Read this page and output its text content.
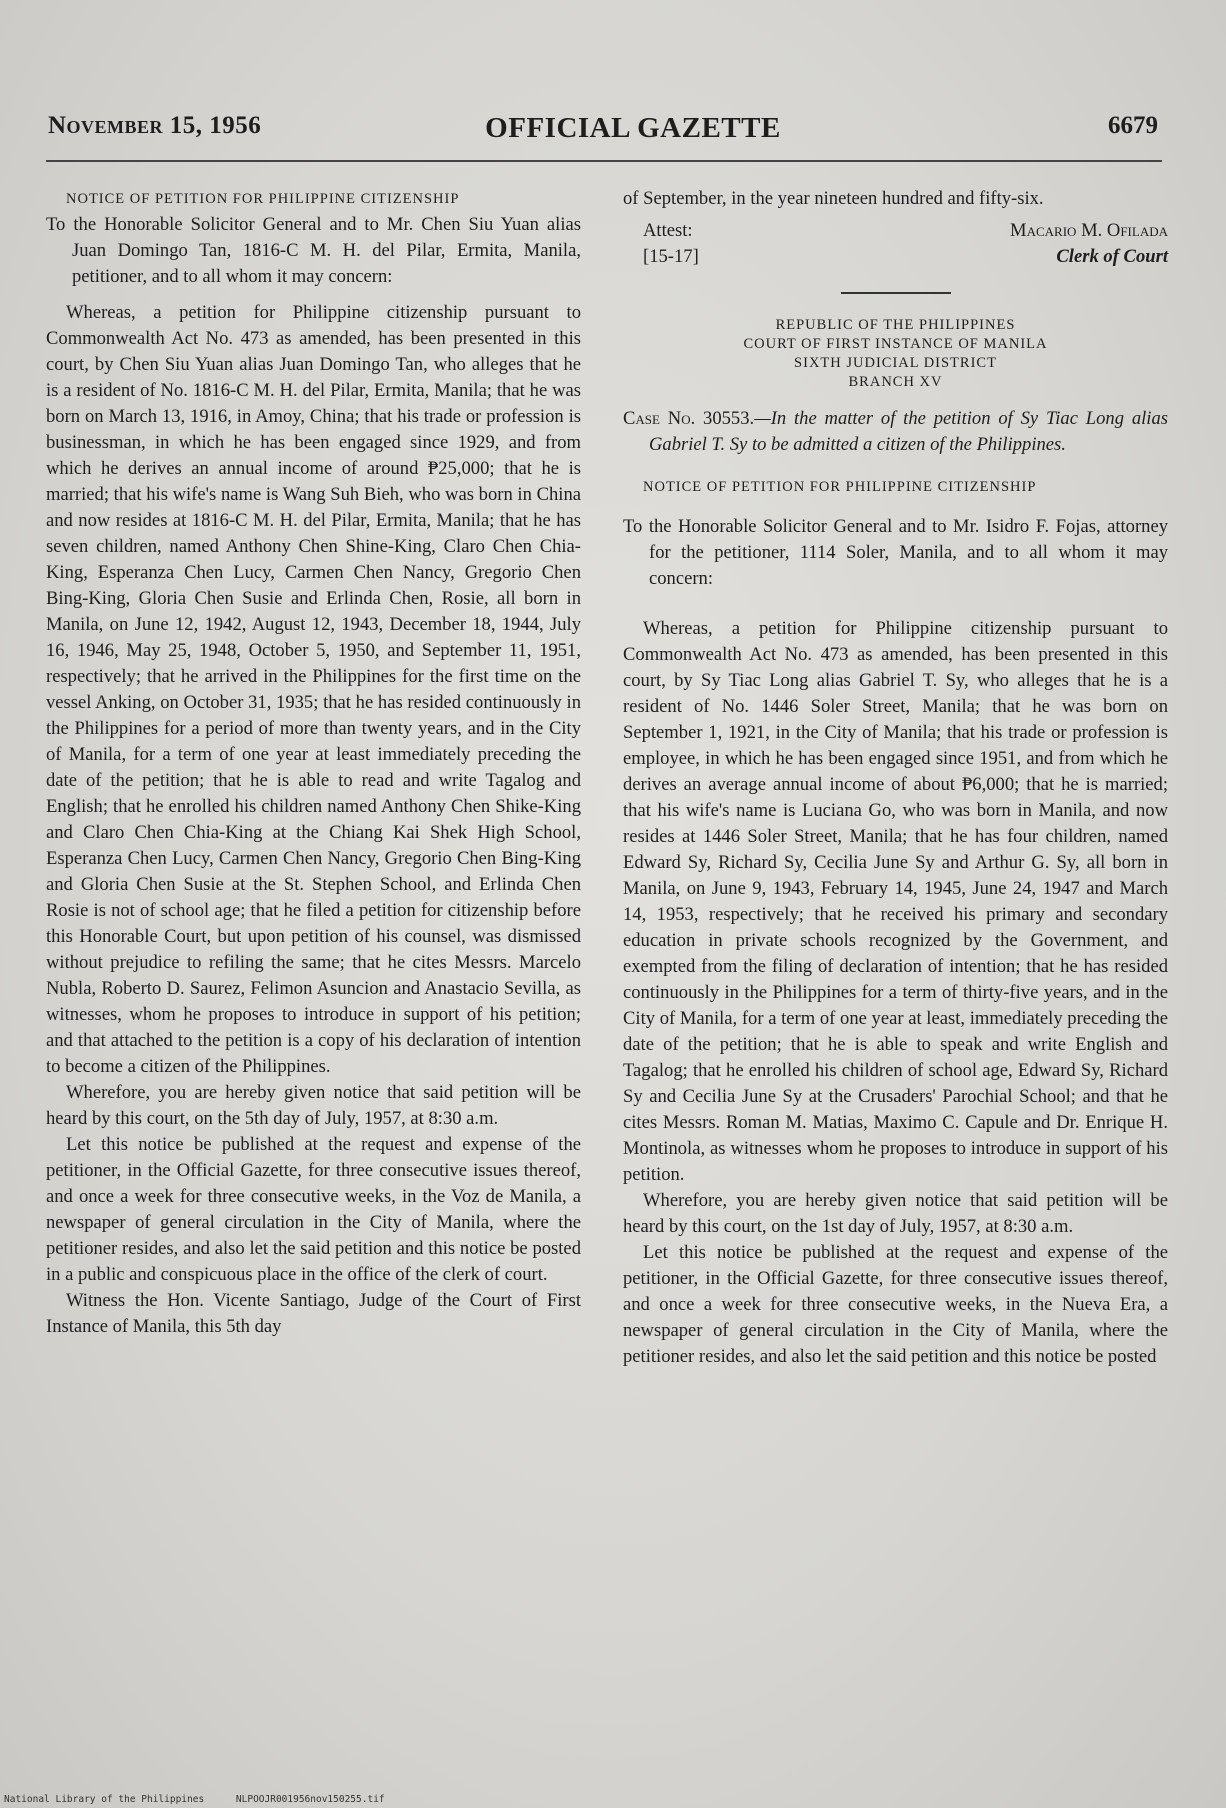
November 15, 1956	OFFICIAL GAZETTE	6679

NOTICE OF PETITION FOR PHILIPPINE CITIZENSHIP

To the Honorable Solicitor General and to Mr. Chen Siu Yuan alias Juan Domingo Tan, 1816-C M. H. del Pilar, Ermita, Manila, petitioner, and to all whom it may concern:

Whereas, a petition for Philippine citizenship pursuant to Commonwealth Act No. 473 as amended, has been presented in this court, by Chen Siu Yuan alias Juan Domingo Tan, who alleges that he is a resident of No. 1816-C M. H. del Pilar, Ermita, Manila; that he was born on March 13, 1916, in Amoy, China; that his trade or profession is businessman, in which he has been engaged since 1929, and from which he derives an annual income of around ₱25,000; that he is married; that his wife's name is Wang Suh Bieh, who was born in China and now resides at 1816-C M. H. del Pilar, Ermita, Manila; that he has seven children, named Anthony Chen Shine-King, Claro Chen Chia-King, Esperanza Chen Lucy, Carmen Chen Nancy, Gregorio Chen Bing-King, Gloria Chen Susie and Erlinda Chen, Rosie, all born in Manila, on June 12, 1942, August 12, 1943, December 18, 1944, July 16, 1946, May 25, 1948, October 5, 1950, and September 11, 1951, respectively; that he arrived in the Philippines for the first time on the vessel Anking, on October 31, 1935; that he has resided continuously in the Philippines for a period of more than twenty years, and in the City of Manila, for a term of one year at least immediately preceding the date of the petition; that he is able to read and write Tagalog and English; that he enrolled his children named Anthony Chen Shike-King and Claro Chen Chia-King at the Chiang Kai Shek High School, Esperanza Chen Lucy, Carmen Chen Nancy, Gregorio Chen Bing-King and Gloria Chen Susie at the St. Stephen School, and Erlinda Chen Rosie is not of school age; that he filed a petition for citizenship before this Honorable Court, but upon petition of his counsel, was dismissed without prejudice to refiling the same; that he cites Messrs. Marcelo Nubla, Roberto D. Saurez, Felimon Asuncion and Anastacio Sevilla, as witnesses, whom he proposes to introduce in support of his petition; and that attached to the petition is a copy of his declaration of intention to become a citizen of the Philippines.

Wherefore, you are hereby given notice that said petition will be heard by this court, on the 5th day of July, 1957, at 8:30 a.m.

Let this notice be published at the request and expense of the petitioner, in the Official Gazette, for three consecutive issues thereof, and once a week for three consecutive weeks, in the Voz de Manila, a newspaper of general circulation in the City of Manila, where the petitioner resides, and also let the said petition and this notice be posted in a public and conspicuous place in the office of the clerk of court.

Witness the Hon. Vicente Santiago, Judge of the Court of First Instance of Manila, this 5th day

of September, in the year nineteen hundred and fifty-six.

Attest:
[15-17]
Macario M. Ofilada
Clerk of Court
REPUBLIC OF THE PHILIPPINES
COURT OF FIRST INSTANCE OF MANILA
SIXTH JUDICIAL DISTRICT
BRANCH XV

Case No. 30553.—In the matter of the petition of Sy Tiac Long alias Gabriel T. Sy to be admitted a citizen of the Philippines.

NOTICE OF PETITION FOR PHILIPPINE CITIZENSHIP

To the Honorable Solicitor General and to Mr. Isidro F. Fojas, attorney for the petitioner, 1114 Soler, Manila, and to all whom it may concern:

Whereas, a petition for Philippine citizenship pursuant to Commonwealth Act No. 473 as amended, has been presented in this court, by Sy Tiac Long alias Gabriel T. Sy, who alleges that he is a resident of No. 1446 Soler Street, Manila; that he was born on September 1, 1921, in the City of Manila; that his trade or profession is employee, in which he has been engaged since 1951, and from which he derives an average annual income of about ₱6,000; that he is married; that his wife's name is Luciana Go, who was born in Manila, and now resides at 1446 Soler Street, Manila; that he has four children, named Edward Sy, Richard Sy, Cecilia June Sy and Arthur G. Sy, all born in Manila, on June 9, 1943, February 14, 1945, June 24, 1947 and March 14, 1953, respectively; that he received his primary and secondary education in private schools recognized by the Government, and exempted from the filing of declaration of intention; that he has resided continuously in the Philippines for a term of thirty-five years, and in the City of Manila, for a term of one year at least, immediately preceding the date of the petition; that he is able to speak and write English and Tagalog; that he enrolled his children of school age, Edward Sy, Richard Sy and Cecilia June Sy at the Crusaders' Parochial School; and that he cites Messrs. Roman M. Matias, Maximo C. Capule and Dr. Enrique H. Montinola, as witnesses whom he proposes to introduce in support of his petition.

Wherefore, you are hereby given notice that said petition will be heard by this court, on the 1st day of July, 1957, at 8:30 a.m.

Let this notice be published at the request and expense of the petitioner, in the Official Gazette, for three consecutive issues thereof, and once a week for three consecutive weeks, in the Nueva Era, a newspaper of general circulation in the City of Manila, where the petitioner resides, and also let the said petition and this notice be posted

National Library of the Philippines	NLPOOJR001956nov150255.tif
